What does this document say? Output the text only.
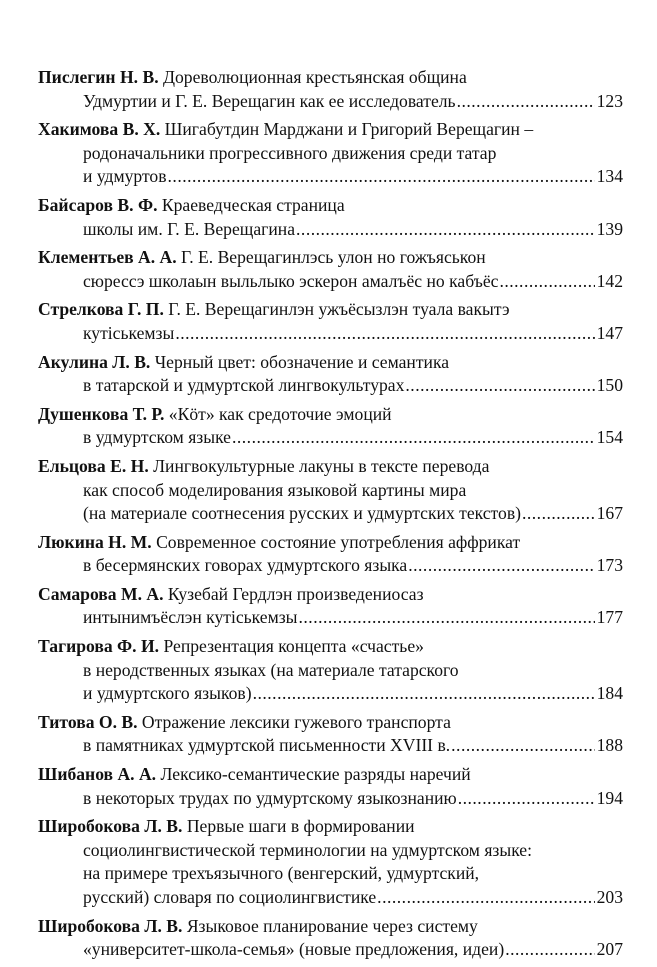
Пислегин Н. В.
Дореволюционная крестьянская община
Удмуртии и Г. Е. Верещагин как ее исследователь .....	123
Хакимова В. Х.
Шигабутдин Марджани и Григорий Верещагин –
родоначальники прогрессивного движения среди татар
и удмуртов .....	134
Байсаров В. Ф.
Краеведческая страница
школы им. Г. Е. Верещагина .....	139
Клементьев А. А.
Г. Е. Верещагинлэсь улон но гожъяськон
сюрессэ школаын выльлыко эскерон амалъёс но кабъёс .....	142
Стрелкова Г. П.
Г. Е. Верещагинлэн ужъёсызлэн туала вакытэ
кутiськемзы .....	147
Акулина Л. В.
Черный цвет: обозначение и семантика
в татарской и удмуртской лингвокультурах .....	150
Душенкова Т. Р.
«Кӧт» как средоточие эмоций
в удмуртском языке .....	154
Ельцова Е. Н.
Лингвокультурные лакуны в тексте перевода
как способ моделирования языковой картины мира
(на материале соотнесения русских и удмуртских текстов) .....	167
Люкина Н. М.
Современное состояние употребления аффрикат
в бесермянских говорах удмуртского языка .....	173
Самарова М. А.
Кузебай Гердлэн произведениосаз
интынимъёслэн кутiськемзы .....	177
Тагирова Ф. И.
Репрезентация концепта «счастье»
в неродственных языках (на материале татарского
и удмуртского языков) .....	184
Титова О. В.
Отражение лексики гужевого транспорта
в памятниках удмуртской письменности XVIII в. .....	188
Шибанов А. А.
Лексико-семантические разряды наречий
в некоторых трудах по удмуртскому языкознанию .....	194
Широбокова Л. В.
Первые шаги в формировании
социолингвистической терминологии на удмуртском языке:
на примере трехъязычного (венгерский, удмуртский,
русский) словаря по социолингвистике .....	203
Широбокова Л. В.
Языковое планирование через систему
«университет-школа-семья» (новые предложения, идеи) .....	207
